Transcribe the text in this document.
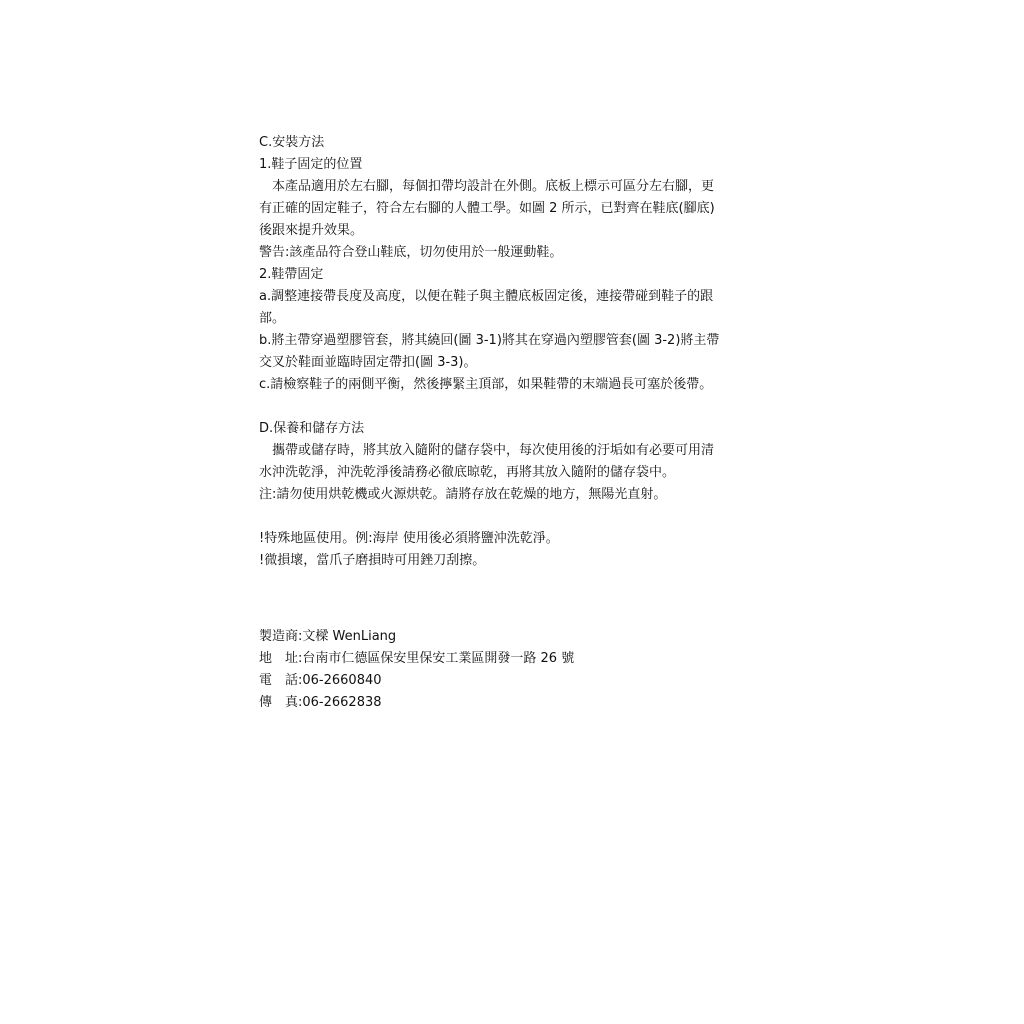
C.安裝方法
1.鞋子固定的位置
本產品適用於左右腳，每個扣帶均設計在外側。底板上標示可區分左右腳，更
有正確的固定鞋子，符合左右腳的人體工學。如圖 2 所示，已對齊在鞋底(腳底)
後跟來提升效果。
警告:該產品符合登山鞋底，切勿使用於一般運動鞋。
2.鞋帶固定
a.調整連接帶長度及高度，以便在鞋子與主體底板固定後，連接帶碰到鞋子的跟
部。
b.將主帶穿過塑膠管套，將其繞回(圖 3-1)將其在穿過內塑膠管套(圖 3-2)將主帶
交叉於鞋面並臨時固定帶扣(圖 3-3)。
c.請檢察鞋子的兩側平衡，然後擰緊主頂部，如果鞋帶的末端過長可塞於後帶。
D.保養和儲存方法
攜帶或儲存時，將其放入隨附的儲存袋中，每次使用後的汙垢如有必要可用清
水沖洗乾淨，沖洗乾淨後請務必徹底晾乾，再將其放入隨附的儲存袋中。
注:請勿使用烘乾機或火源烘乾。請將存放在乾燥的地方，無陽光直射。
!特殊地區使用。例:海岸 使用後必須將鹽沖洗乾淨。
!微損壞，當爪子磨損時可用銼刀刮擦。
製造商:文樑 WenLiang
地　址: 台南市仁德區保安里保安工業區開發一路 26 號
電　話: 06-2660840
傳　真: 06-2662838
